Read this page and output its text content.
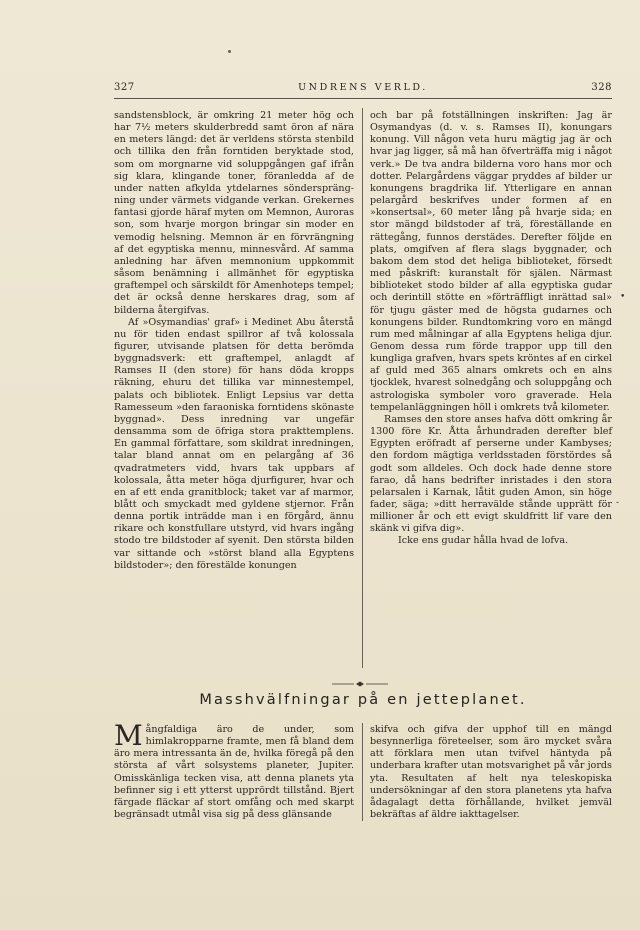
327	UNDRENS VERLD.	328

sandstensblock, är omkring 21 meter hög och har 7½ meters skulderbredd samt öron af nära en meters längd: det är verldens största stenbild och tillika den från forntiden beryktade stod, som om morgnarne vid soluppgången gaf ifrån sig klara, klingande toner, föranledda af de under natten afkylda ytdelarnes söndersprängning under värmets vidgande verkan. Grekernes fantasi gjorde häraf myten om Memnon, Auroras son, som hvarje morgon bringar sin moder en vemodig helsning. Memnon är en förvrängning af det egyptiska mennu, minnesvård. Af samma anledning har äfven memnonium uppkommit såsom benämning i allmänhet för egyptiska graftempel och särskildt för Amenhoteps tempel; det är också denne herskares drag, som af bilderna återgifvas.

Af »Osymandias' graf» i Medinet Abu återstå nu för tiden endast spillror af två kolossala figurer, utvisande platsen för detta berömda byggnadsverk: ett graftempel, anlagdt af Ramses II (den store) för hans döda kropps räkning, ehuru det tillika var minnestempel, palats och bibliotek. Enligt Lepsius var detta Ramesseum »den faraoniska forntidens skönaste byggnad». Dess inredning var ungefär densamma som de öfriga stora prakttemplens. En gammal författare, som skildrat inredningen, talar bland annat om en pelargång af 36 qvadratmeters vidd, hvars tak uppbars af kolossala, åtta meter höga djurfigurer, hvar och en af ett enda granitblock; taket var af marmor, blått och smyckadt med gyldene stjernor. Från denna portik inträdde man i en förgård, ännu rikare och konstfullare utstyrd, vid hvars ingång stodo tre bildstoder af syenit. Den största bilden var sittande och »störst bland alla Egyptens bildstoder»; den förestälde konungen

och bar på fotställningen inskriften: Jag är Osymandyas (d. v. s. Ramses II), konungars konung. Vill någon veta huru mägtig jag är och hvar jag ligger, så må han öfverträffa mig i något verk.» De tva andra bilderna voro hans mor och dotter. Pelargårdens väggar pryddes af bilder ur konungens bragdrika lif. Ytterligare en annan pelargård beskrifves under formen af en »konsertsal», 60 meter lång på hvarje sida; en stor mängd bildstoder af trä, föreställande en rättegång, funnos derstädes. Derefter följde en plats, omgifven af flera slags byggnader, och bakom dem stod det heliga biblioteket, försedt med påskrift: kuranstalt för själen. Närmast biblioteket stodo bilder af alla egyptiska gudar och derintill stötte en »förträffligt inrättad sal» för tjugu gäster med de högsta gudarnes och konungens bilder. Rundtomkring voro en mängd rum med målningar af alla Egyptens heliga djur. Genom dessa rum förde trappor upp till den kungliga grafven, hvars spets kröntes af en cirkel af guld med 365 alnars omkrets och en alns tjocklek, hvarest solnedgång och soluppgång och astrologiska symboler voro graverade. Hela tempelanläggningen höll i omkrets två kilometer.

Ramses den store anses hafva dött omkring år 1300 före Kr. Åtta århundraden derefter blef Egypten eröfradt af perserne under Kambyses; den fordom mägtiga verldsstaden förstördes så godt som alldeles. Och dock hade denne store farao, då hans bedrifter inristades i den stora pelarsalen i Karnak, låtit guden Amon, sin höge fader, säga; »ditt herravälde stånde upprätt för millioner år och ett evigt skuldfritt lif vare den skänk vi gifva dig».

Icke ens gudar hålla hvad de lofva.

•
-
Masshvälfningar på en jetteplanet.

Mångfaldiga äro de under, som himlakropparne framte, men få bland dem äro mera intressanta än de, hvilka föregå på den största af vårt solsystems planeter, Jupiter. Omisskänliga tecken visa, att denna planets yta befinner sig i ett ytterst upprördt tillstånd. Bjert färgade fläckar af stort omfång och med skarpt begränsadt utmål visa sig på dess glänsande

skifva och gifva der upphof till en mängd besynnerliga företeelser, som äro mycket svåra att förklara men utan tvifvel häntyda på underbara krafter utan motsvarighet på vår jords yta. Resultaten af helt nya teleskopiska undersökningar af den stora planetens yta hafva ådagalagt detta förhållande, hvilket jemväl bekräftas af äldre iakttagelser.
